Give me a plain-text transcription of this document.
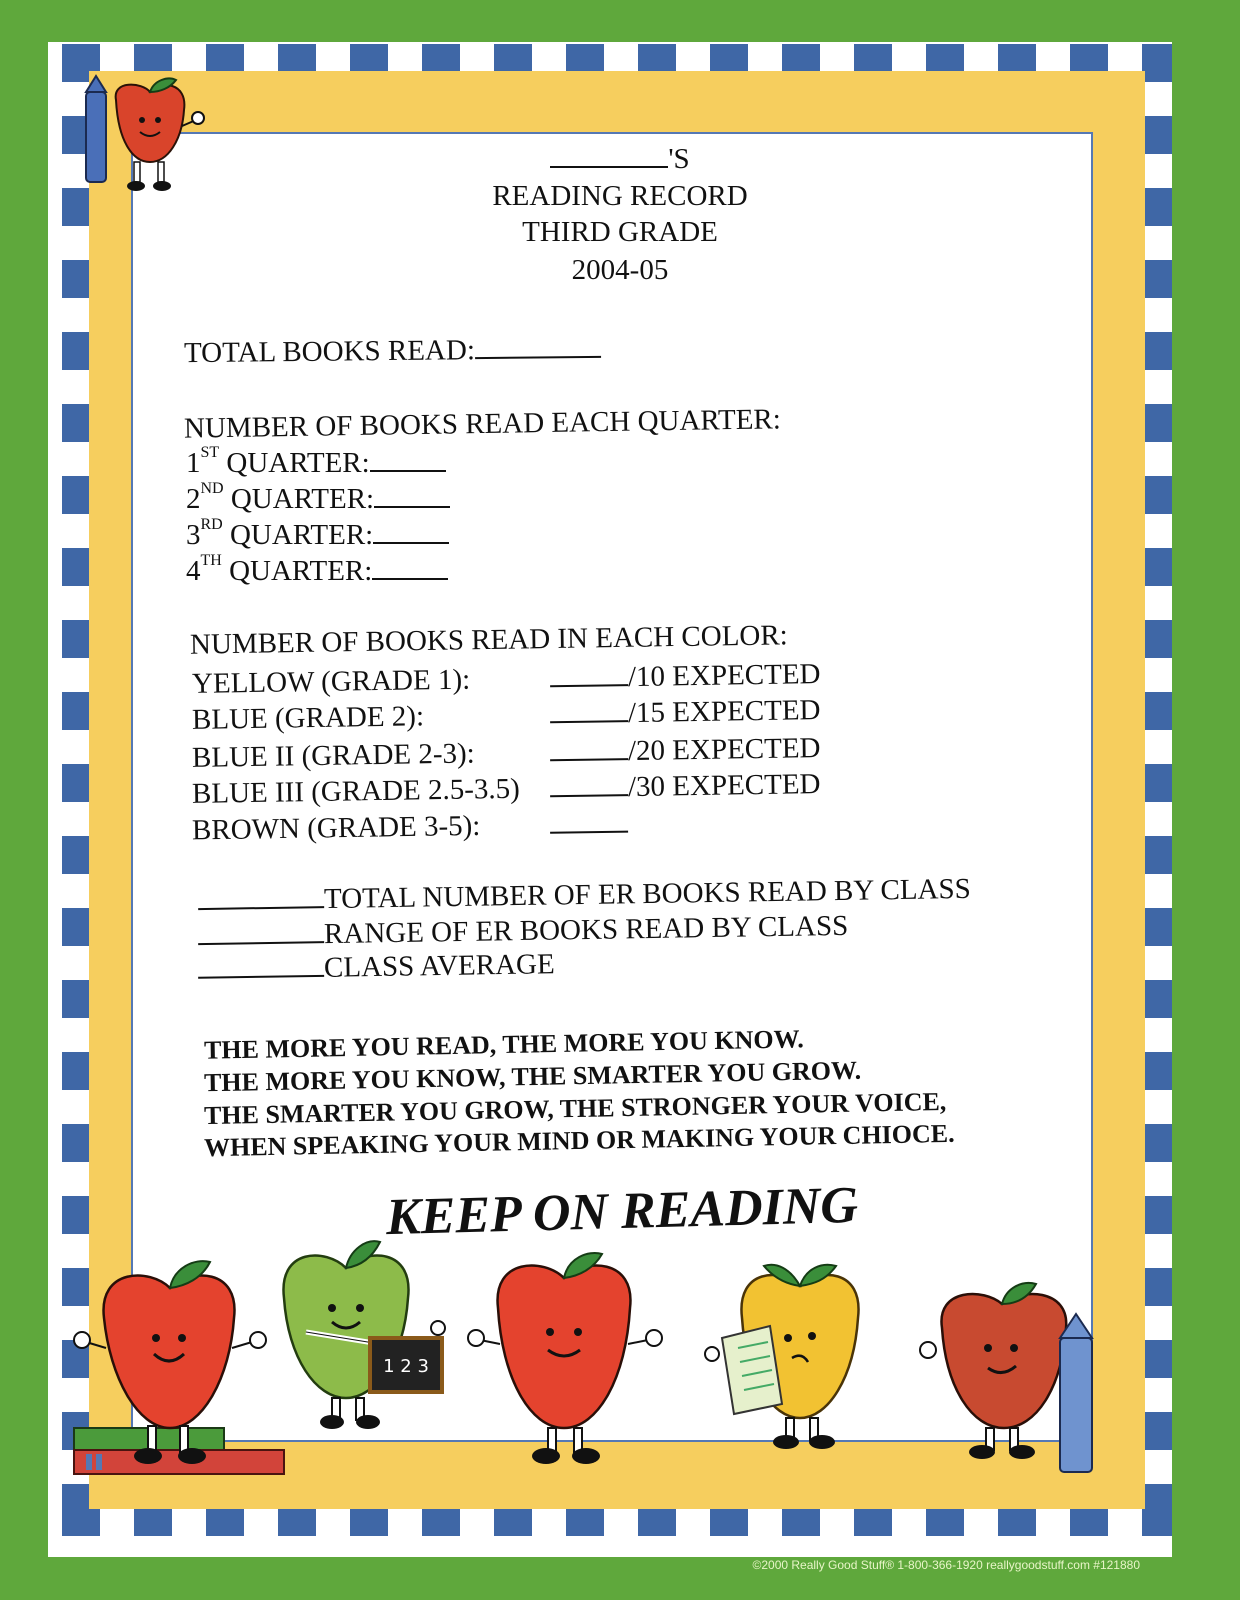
'S
READING RECORD
THIRD GRADE
2004-05
TOTAL BOOKS READ:
NUMBER OF BOOKS READ EACH QUARTER:
1ST QUARTER:
2ND QUARTER:
3RD QUARTER:
4TH QUARTER:
NUMBER OF BOOKS READ IN EACH COLOR:
YELLOW (GRADE 1):	/10 EXPECTED
BLUE (GRADE 2):	/15 EXPECTED
BLUE II (GRADE 2-3):	/20 EXPECTED
BLUE III (GRADE 2.5-3.5)	/30 EXPECTED
BROWN (GRADE 3-5):
TOTAL NUMBER OF ER BOOKS READ BY CLASS
RANGE OF ER BOOKS READ BY CLASS
CLASS AVERAGE
THE MORE YOU READ, THE MORE YOU KNOW.
THE MORE YOU KNOW, THE SMARTER YOU GROW.
THE SMARTER YOU GROW, THE STRONGER YOUR VOICE,
WHEN SPEAKING YOUR MIND OR MAKING YOUR CHIOCE.
KEEP ON READING
1 2 3
©2000 Really Good Stuff® 1-800-366-1920 reallygoodstuff.com #121880
